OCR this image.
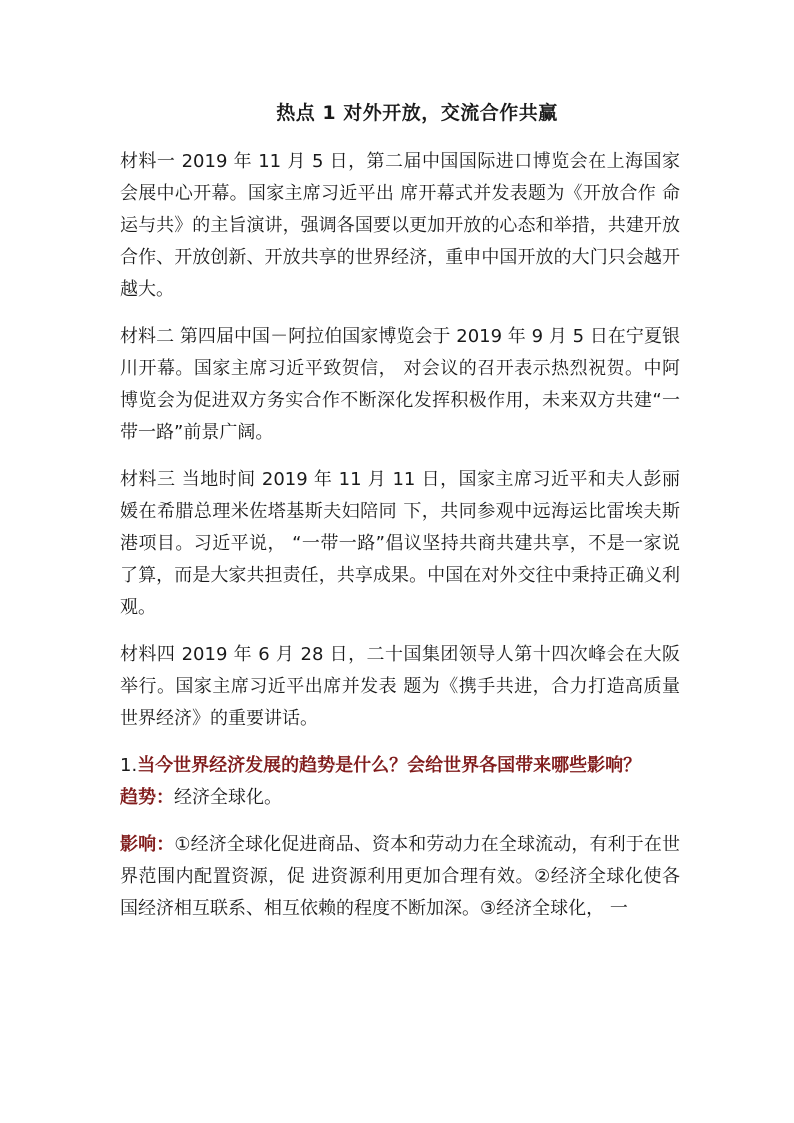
热点 1 对外开放，交流合作共赢

材料一 2019 年 11 月 5 日，第二届中国国际进口博览会在上海国家会展中心开幕。国家主席习近平出 席开幕式并发表题为《开放合作 命运与共》的主旨演讲，强调各国要以更加开放的心态和举措，共建开放 合作、开放创新、开放共享的世界经济，重申中国开放的大门只会越开越大。

材料二 第四届中国－阿拉伯国家博览会于 2019 年 9 月 5 日在宁夏银川开幕。国家主席习近平致贺信， 对会议的召开表示热烈祝贺。中阿博览会为促进双方务实合作不断深化发挥积极作用，未来双方共建“一 带一路”前景广阔。

材料三 当地时间 2019 年 11 月 11 日，国家主席习近平和夫人彭丽媛在希腊总理米佐塔基斯夫妇陪同 下，共同参观中远海运比雷埃夫斯港项目。习近平说， “一带一路”倡议坚持共商共建共享，不是一家说 了算，而是大家共担责任，共享成果。中国在对外交往中秉持正确义利观。

材料四 2019 年 6 月 28 日，二十国集团领导人第十四次峰会在大阪举行。国家主席习近平出席并发表 题为《携手共进，合力打造高质量世界经济》的重要讲话。

1.当今世界经济发展的趋势是什么？会给世界各国带来哪些影响？

趋势：经济全球化。

影响：①经济全球化促进商品、资本和劳动力在全球流动，有利于在世界范围内配置资源，促 进资源利用更加合理有效。②经济全球化使各国经济相互联系、相互依赖的程度不断加深。③经济全球化， 一
